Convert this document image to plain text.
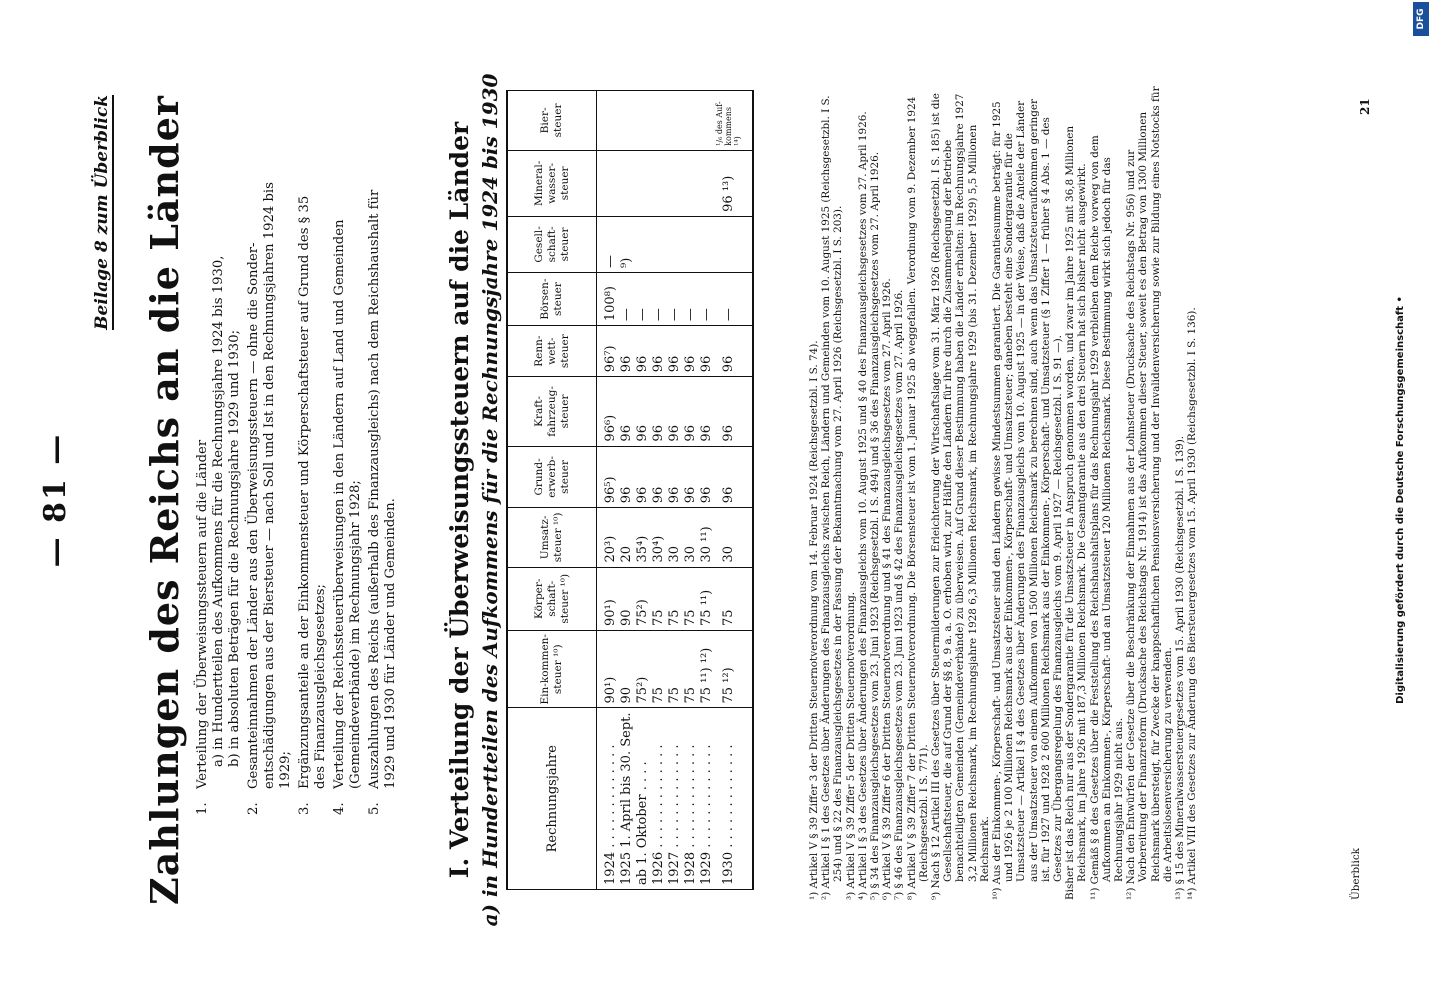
— 81 —
Beilage 8 zum Überblick Zahlungen des Reichs an die Länder 1.
Verteilung der Überweisungssteuern auf die Länder a) in Hundertteilen des Aufkommens für die Rechnungsjahre 1924 bis 1930, b) in absoluten Beträgen für die Rechnungsjahre 1929 und 1930;
2.
Gesamteinnahmen der Länder aus den Überweisungssteuern — ohne die Sonder-entschädigungen aus der Biersteuer — nach Soll und Ist in den Rechnungsjahren 1924 bis 1929;
3.
Ergänzungsanteile an der Einkommensteuer und Körperschaftsteuer auf Grund des § 35 des Finanzausgleichsgesetzes;
4.
Verteilung der Reichssteuerüberweisungen in den Ländern auf Land und Gemeinden (Gemeindeverbände) im Rechnungsjahr 1928;
5.
Auszahlungen des Reichs (außerhalb des Finanzausgleichs) nach dem Reichshaushalt für 1929 und 1930 für Länder und Gemeinden. I. Verteilung der Überweisungssteuern auf die Länder a) in Hundertteilen des Aufkommens für die Rechnungsjahre 1924 bis 1930	Rechnungsjahre	Ein-kommen-steuer ¹⁰)	Körper-schaft-steuer ¹⁰)	Umsatz-steuer ¹⁰)	Grund-erwerb-steuer	Kraft-fahrzeug-steuer	Renn-wett-steuer	Börsen-steuer	Gesell-schaft-steuer	Mineral-wasser-steuer	Bier-steuer
1924 . . . . . . . . . . . . .	90¹)	90¹)	20³)	96⁵)	96⁶)	96⁷)	100⁸)	—		
1925 1. April bis 30. Sept.	90	90	20	96	96	96	—	⁹)		
ab 1. Oktober . . . .	75²)	75²)	35⁴)	96	96	96	—			
1926 . . . . . . . . . . . . .	75	75	30⁴)	96	96	96	—			
1927 . . . . . . . . . . . . .	75	75	30	96	96	96	—			
1928 . . . . . . . . . . . . .	75	75	30	96	96	96	—			
1929 . . . . . . . . . . . . .	75 ¹¹) ¹²)	75 ¹¹)	30 ¹¹)	96	96	96	—			
1930 . . . . . . . . . . . . .	75 ¹²)	75	30	96	96	96	—		96 ¹³)	¹/₆ des Auf-kommens ¹⁴)

¹) Artikel V § 39 Ziffer 3 der Dritten Steuernotverordnung vom 14. Februar 1924 (Reichsgesetzbl. I S. 74). ²) Artikel I § 1 des Gesetzes über Änderungen des Finanzausgleichs zwischen Reich, Ländern und Gemeinden vom 10. August 1925 (Reichsgesetzbl. I S. 254) und § 22 des Finanzausgleichsgesetzes in der Fassung der Bekanntmachung vom 27. April 1926 (Reichsgesetzbl. I S. 203). ³) Artikel V § 39 Ziffer 5 der Dritten Steuernotverordnung. ⁴) Artikel I § 3 des Gesetzes über Änderungen des Finanzausgleichs vom 10. August 1925 und § 40 des Finanzausgleichsgesetzes vom 27. April 1926. ⁵) § 34 des Finanzausgleichsgesetzes vom 23. Juni 1923 (Reichsgesetzbl. I S. 494) und § 36 des Finanzausgleichsgesetzes vom 27. April 1926. ⁶) Artikel V § 39 Ziffer 6 der Dritten Steuernotverordnung und § 41 des Finanzausgleichsgesetzes vom 27. April 1926. ⁷) § 46 des Finanzausgleichsgesetzes vom 23. Juni 1923 und § 42 des Finanzausgleichsgesetzes vom 27. April 1926. ⁸) Artikel V § 39 Ziffer 7 der Dritten Steuernotverordnung. Die Börsensteuer ist vom 1. Januar 1925 ab weggefallen. Verordnung vom 9. Dezember 1924 (Reichsgesetzbl. I S. 771). ⁹) Nach § 12 Artikel III des Gesetzes über Steuermilderungen zur Erleichterung der Wirtschaftslage vom 31. März 1926 (Reichsgesetzbl. I S. 185) ist die Gesellschaftsteuer, die auf Grund der §§ 8, 9 a. a. O. erhoben wird, zur Hälfte den Ländern für ihre durch die Zusammenlegung der Betriebe benachteiligten Gemeinden (Gemeindeverbände) zu überweisen. Auf Grund dieser Bestimmung haben die Länder erhalten: im Rechnungsjahre 1927 3,2 Millionen Reichsmark, im Rechnungsjahre 1928 6,3 Millionen Reichsmark, im Rechnungsjahre 1929 (bis 31. Dezember 1929) 5,5 Millionen Reichsmark. ¹⁰) Aus der Einkommen-, Körperschaft- und Umsatzsteuer sind den Ländern gewisse Mindestsummen garantiert. Die Garantiesumme beträgt: für 1925 und 1926 je 2 100 Millionen Reichsmark aus der Einkommen-, Körperschaft- und Umsatzsteuer; daneben besteht eine Sondergarantie für die Umsatzsteuer — Artikel I § 4 des Gesetzes über Änderungen des Finanzausgleichs vom 10. August 1925 — in der Weise, daß die Anteile der Länder aus der Umsatzsteuer von einem Aufkommen von 1500 Millionen Reichsmark zu berechnen sind, auch wenn das Umsatzsteueraufkommen geringer ist. für 1927 und 1928 2 600 Millionen Reichsmark aus der Einkommen-, Körperschaft- und Umsatzsteuer (§ 1 Ziffer 1 — früher § 4 Abs. 1 — des Gesetzes zur Übergangsregelung des Finanzausgleichs vom 9. April 1927 — Reichsgesetzbl. I S. 91 —). Bisher ist das Reich nur aus der Sondergarantie für die Umsatzsteuer in Anspruch genommen worden, und zwar im Jahre 1925 mit 36,8 Millionen Reichsmark, im Jahre 1926 mit 187,3 Millionen Reichsmark. Die Gesamtgarantie aus den drei Steuern hat sich bisher nicht ausgewirkt. ¹¹) Gemäß § 8 des Gesetzes über die Feststellung des Reichshaushaltsplans für das Rechnungsjahr 1929 verbleiben dem Reiche vorweg von dem Aufkommen an Einkommen-, Körperschaft- und an Umsatzsteuer 120 Millionen Reichsmark. Diese Bestimmung wirkt sich jedoch für das Rechnungsjahr 1929 nicht aus. ¹²) Nach den Entwürfen der Gesetze über die Beschränkung der Einnahmen aus der Lohnsteuer (Drucksache des Reichstags Nr. 956) und zur Vorbereitung der Finanzreform (Drucksache des Reichstags Nr. 1914) ist das Aufkommen dieser Steuer, soweit es den Betrag von 1300 Millionen Reichsmark übersteigt, für Zwecke der knappschaftlichen Pensionsversicherung und der Invalidenversicherung sowie zur Bildung eines Notstocks für die Arbeitslosenversicherung zu verwenden. ¹³) § 15 des Mineralwassersteuergesetzes vom 15. April 1930 (Reichsgesetzbl. I S. 139). ¹⁴) Artikel VIII des Gesetzes zur Änderung des Biersteuergesetzes vom 15. April 1930 (Reichsgesetzbl. I S. 136).	Überblick
21
Digitalisierung gefördert durch die Deutsche Forschungsgemeinschaft •
DFG
